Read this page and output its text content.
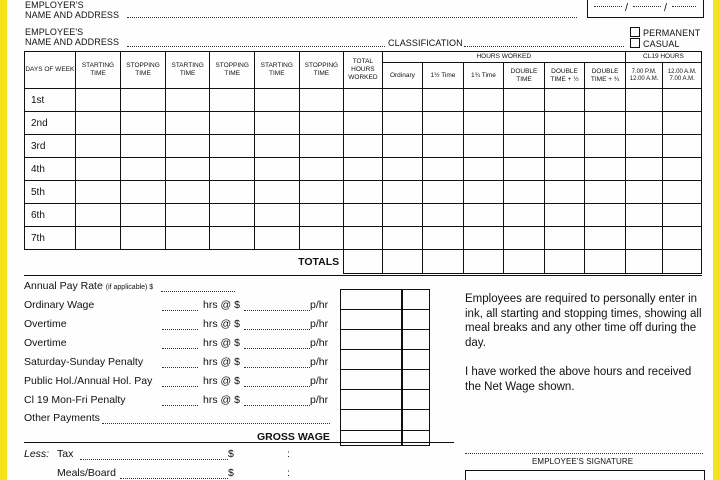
EMPLOYER'S
NAME AND ADDRESS
/	/
EMPLOYEE'S
NAME AND ADDRESS	CLASSIFICATION
PERMANENT
CASUAL
DAYS OF WEEK	STARTING TIME	STOPPING TIME	STARTING TIME	STOPPING TIME	STARTING TIME	STOPPING TIME	TOTAL HOURS WORKED	HOURS WORKED						CL19 HOURS	
								Ordinary	1½ Time	1¾ Time	DOUBLE TIME	DOUBLE TIME + ½	DOUBLE TIME + ¾	7.00 P.M. 12.00 A.M.	12.00 A.M. 7.00 A.M.
1st															
2nd															
3rd															
4th															
5th															
6th															
7th															
TOTALS															
Annual Pay Rate (if applicable) $
Ordinary Wage	hrs @ $	p/hr
Overtime	hrs @ $	p/hr
Overtime	hrs @ $	p/hr
Saturday-Sunday Penalty	hrs @ $	p/hr
Public Hol./Annual Hol. Pay	hrs @ $	p/hr
Cl 19 Mon-Fri Penalty	hrs @ $	p/hr
Other Payments
GROSS WAGE
Less: Tax	$	:
Meals/Board	$	:
Employees are required to personally enter in ink, all starting and stopping times, showing all meal breaks and any other time off during the day.
I have worked the above hours and received the Net Wage shown.
EMPLOYEE'S SIGNATURE
